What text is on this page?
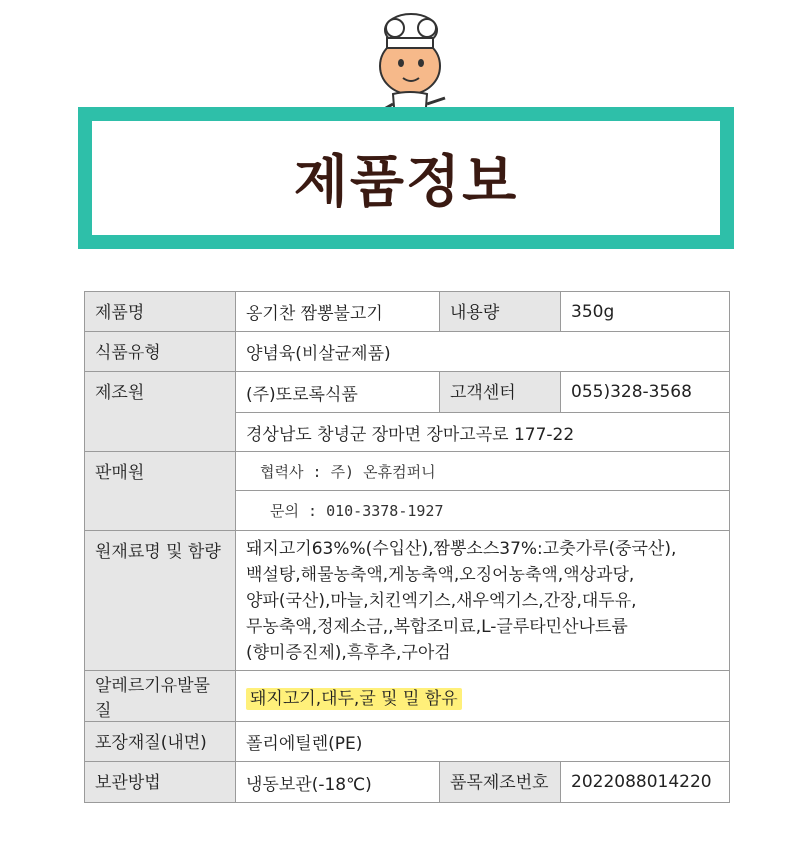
제품정보
제품명	옹기찬 짬뽕불고기	내용량	350g
식품유형	양념육(비살균제품)		
제조원	(주)또로록식품	고객센터	055)328-3568
	경상남도 창녕군 장마면 장마고곡로 177-22		
판매원	협력사 : 주) 온휴컴퍼니		
	문의 : 010-3378-1927		
원재료명 및 함량	돼지고기63%%(수입산),짬뽕소스37%:고춧가루(중국산),
백설탕,해물농축액,게농축액,오징어농축액,액상과당,
양파(국산),마늘,치킨엑기스,새우엑기스,간장,대두유,
무농축액,정제소금,,복합조미료,L-글루타민산나트륨
(향미증진제),흑후추,구아검		

알레르기유발물질	돼지고기,대두,굴 및 밀 함유		
포장재질(내면)	폴리에틸렌(PE)		
보관방법	냉동보관(-18℃)	품목제조번호	2022088014220
